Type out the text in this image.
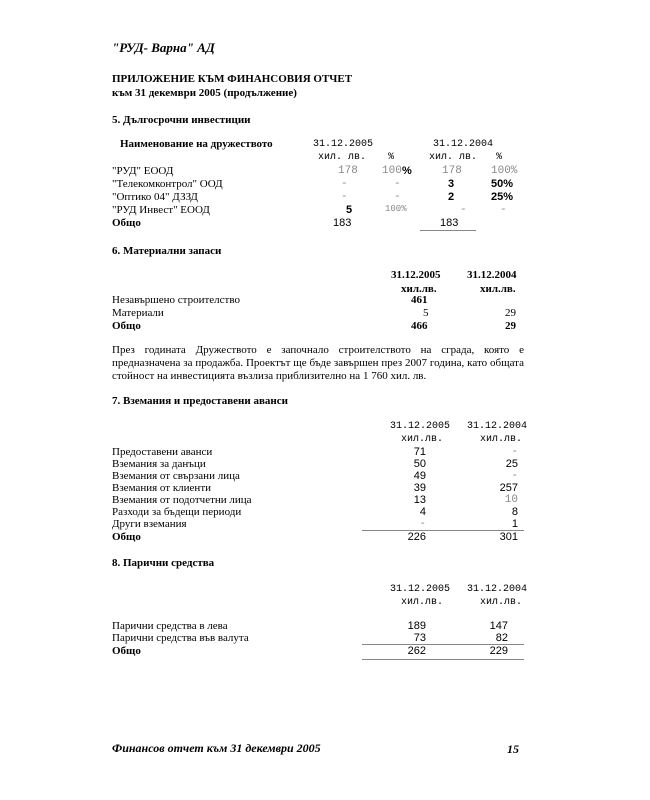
"РУД- Варна" АД
ПРИЛОЖЕНИЕ КЪМ ФИНАНСОВИЯ ОТЧЕТ
към 31 декември 2005 (продължение)
5. Дългосрочни инвестиции
Наименование на дружеството	31.12.2005	31.12.2004
хил. лв. %	хил. лв. %
"РУД" ЕООД	178 100 %	178	100%
"Телекомконтрол" ООД	-	-	3	50%
"Оптико 04" ДЗЗД	-	-	2	25%
"РУД Инвест" ЕООД	5	100%	-	-
Общо	183	183
6. Материални запаси
31.12.2005 31.12.2004
хил.лв.	хил.лв.
Незавършено строителство	461
Материали	5	29
Общо	466	29
През годината Дружеството е започнало строителството на сграда, която е предназначена за продажба. Проектът ще бъде завършен през 2007 година, като общата стойност на инвестицията възлиза приблизително на 1 760 хил. лв.
7. Вземания и предоставени аванси
31.12.2005 31.12.2004
хил.лв.	хил.лв.
Предоставени аванси	71	-
Вземания за данъци	50	25
Вземания от свързани лица	49	-
Вземания от клиенти	39	257
Вземания от подотчетни лица	13	10
Разходи за бъдещи периоди	4	8
Други вземания	-	1
Общо	226	301
8. Парични средства
31.12.2005 31.12.2004
хил.лв.	хил.лв.
Парични средства в лева	189	147
Парични средства във валута	73	82
Общо	262	229
Финансов отчет към 31 декември 2005	15
